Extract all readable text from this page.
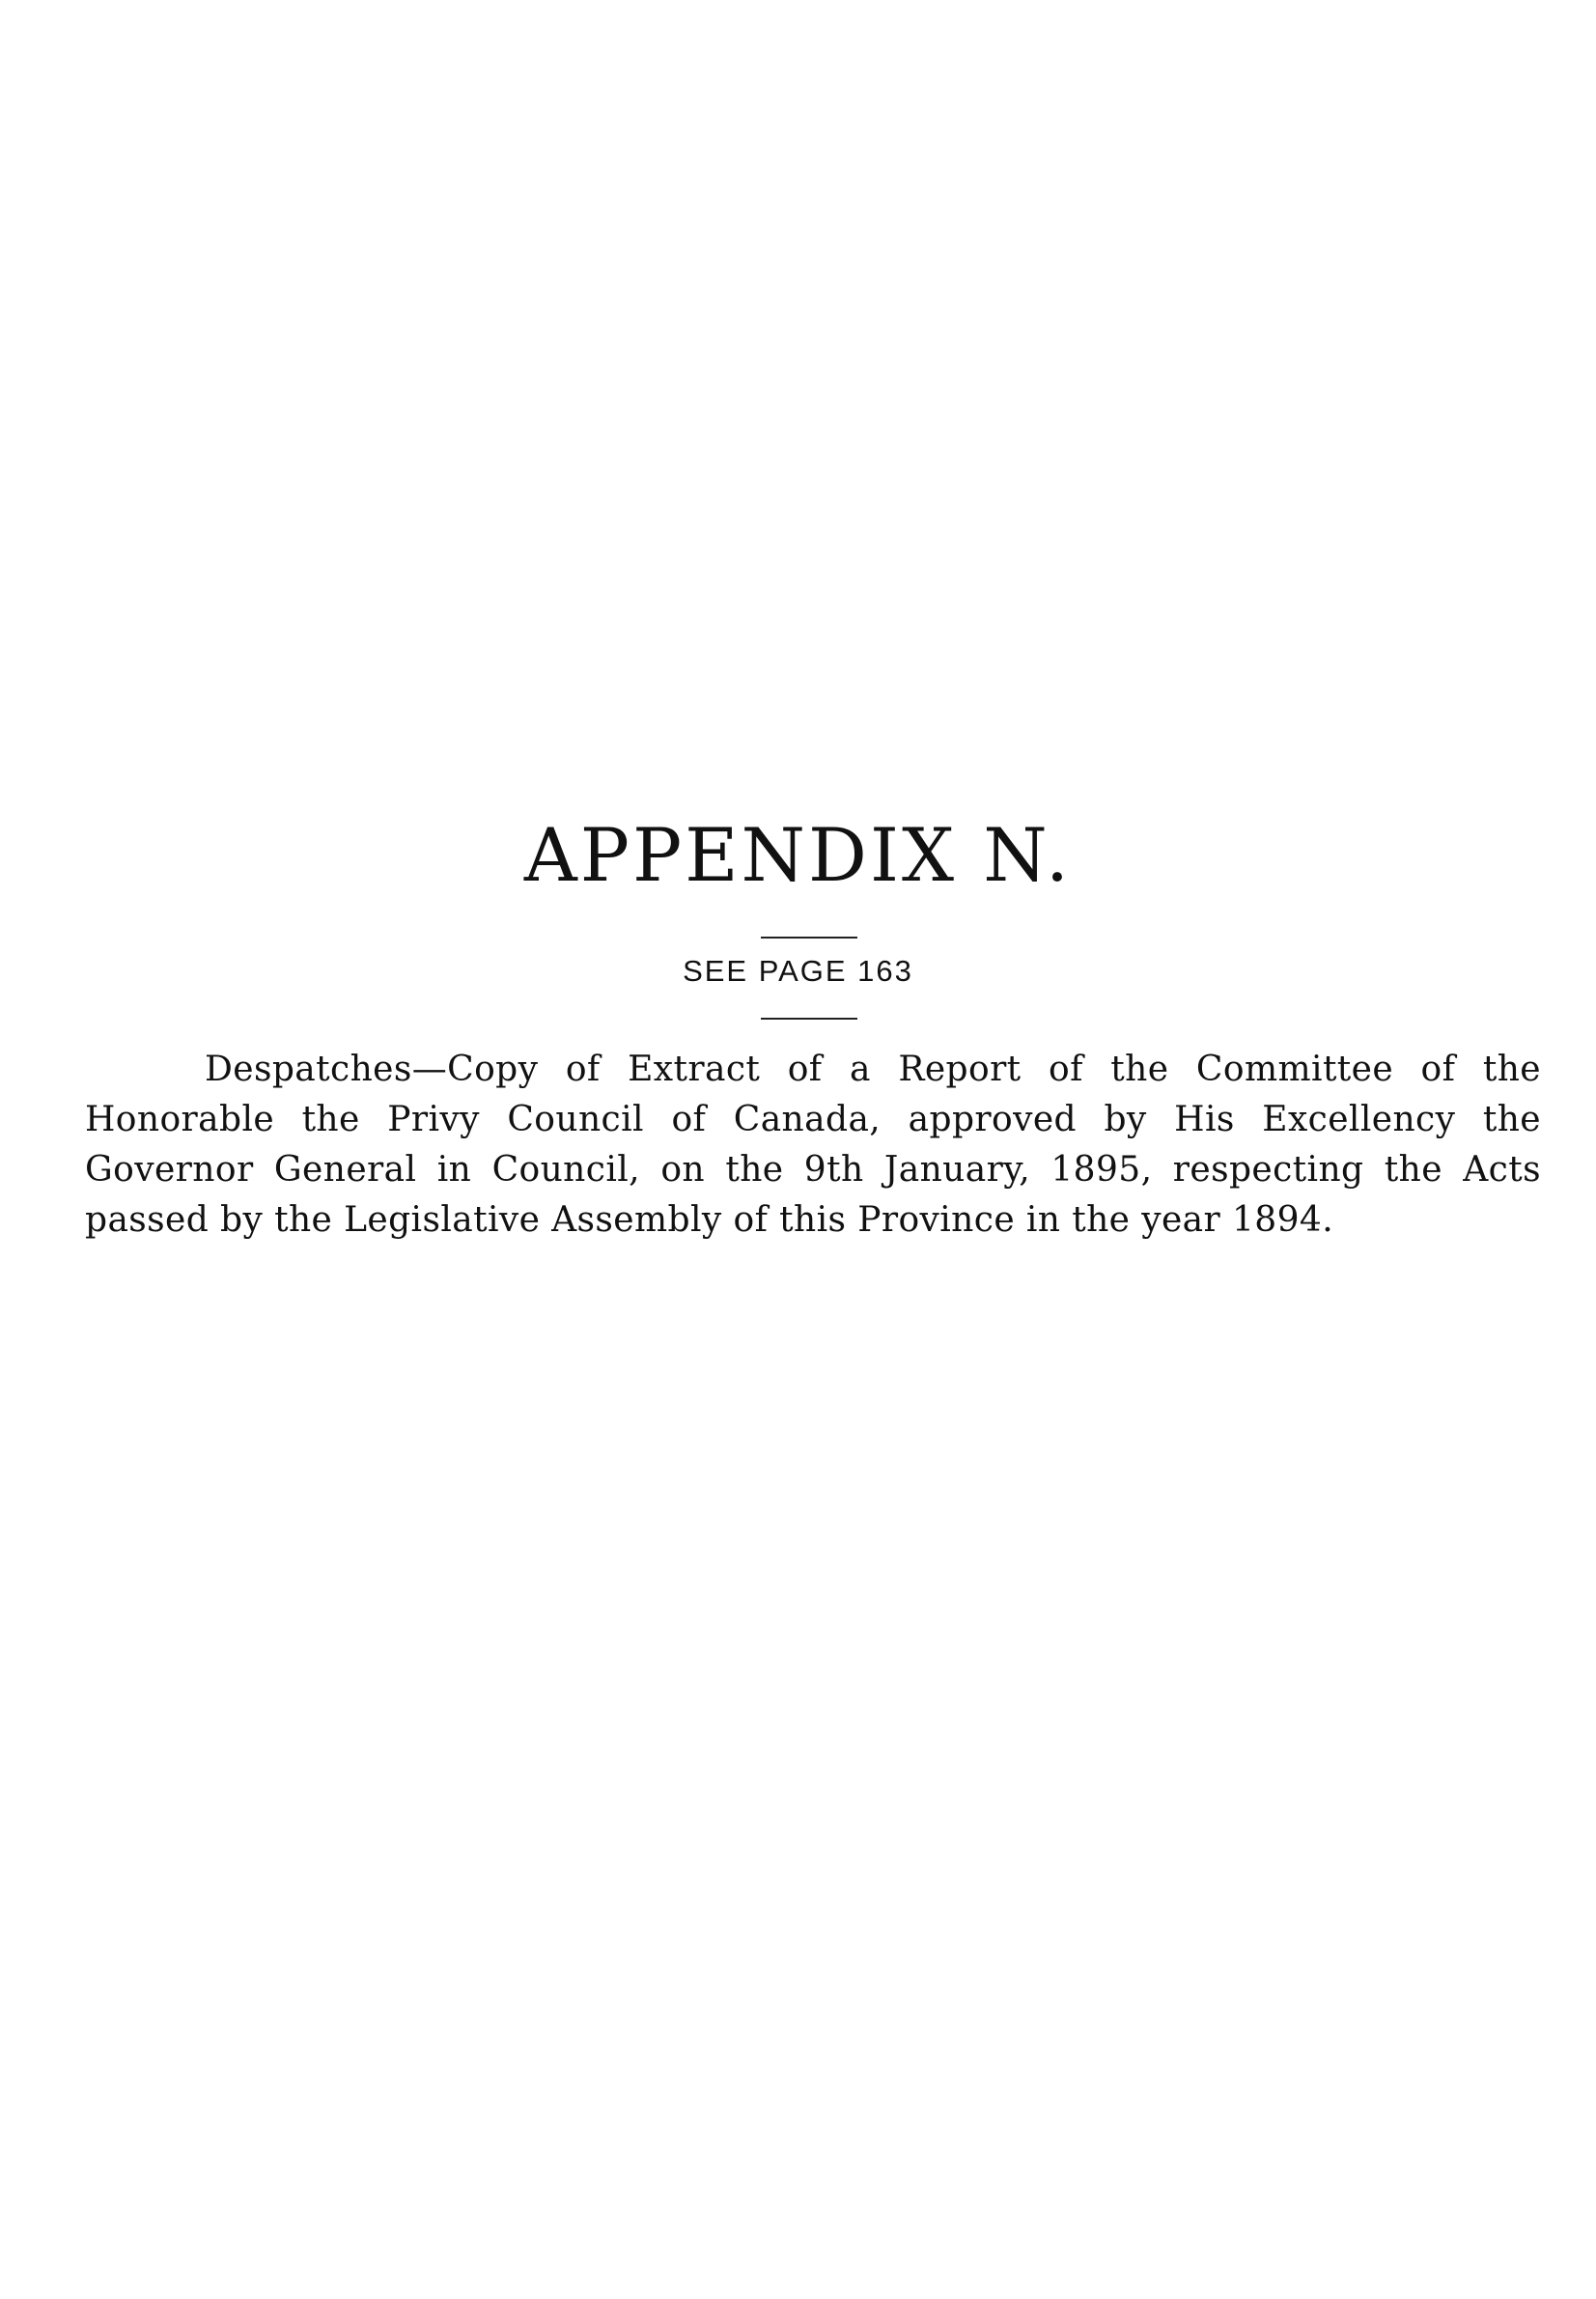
APPENDIX N.
SEE PAGE 163
Despatches—Copy of Extract of a Report of the Committee of the
Honorable the Privy Council of Canada, approved by His Excellency the
Governor General in Council, on the 9th January, 1895, respecting the Acts
passed by the Legislative Assembly of this Province in the year 1894.
